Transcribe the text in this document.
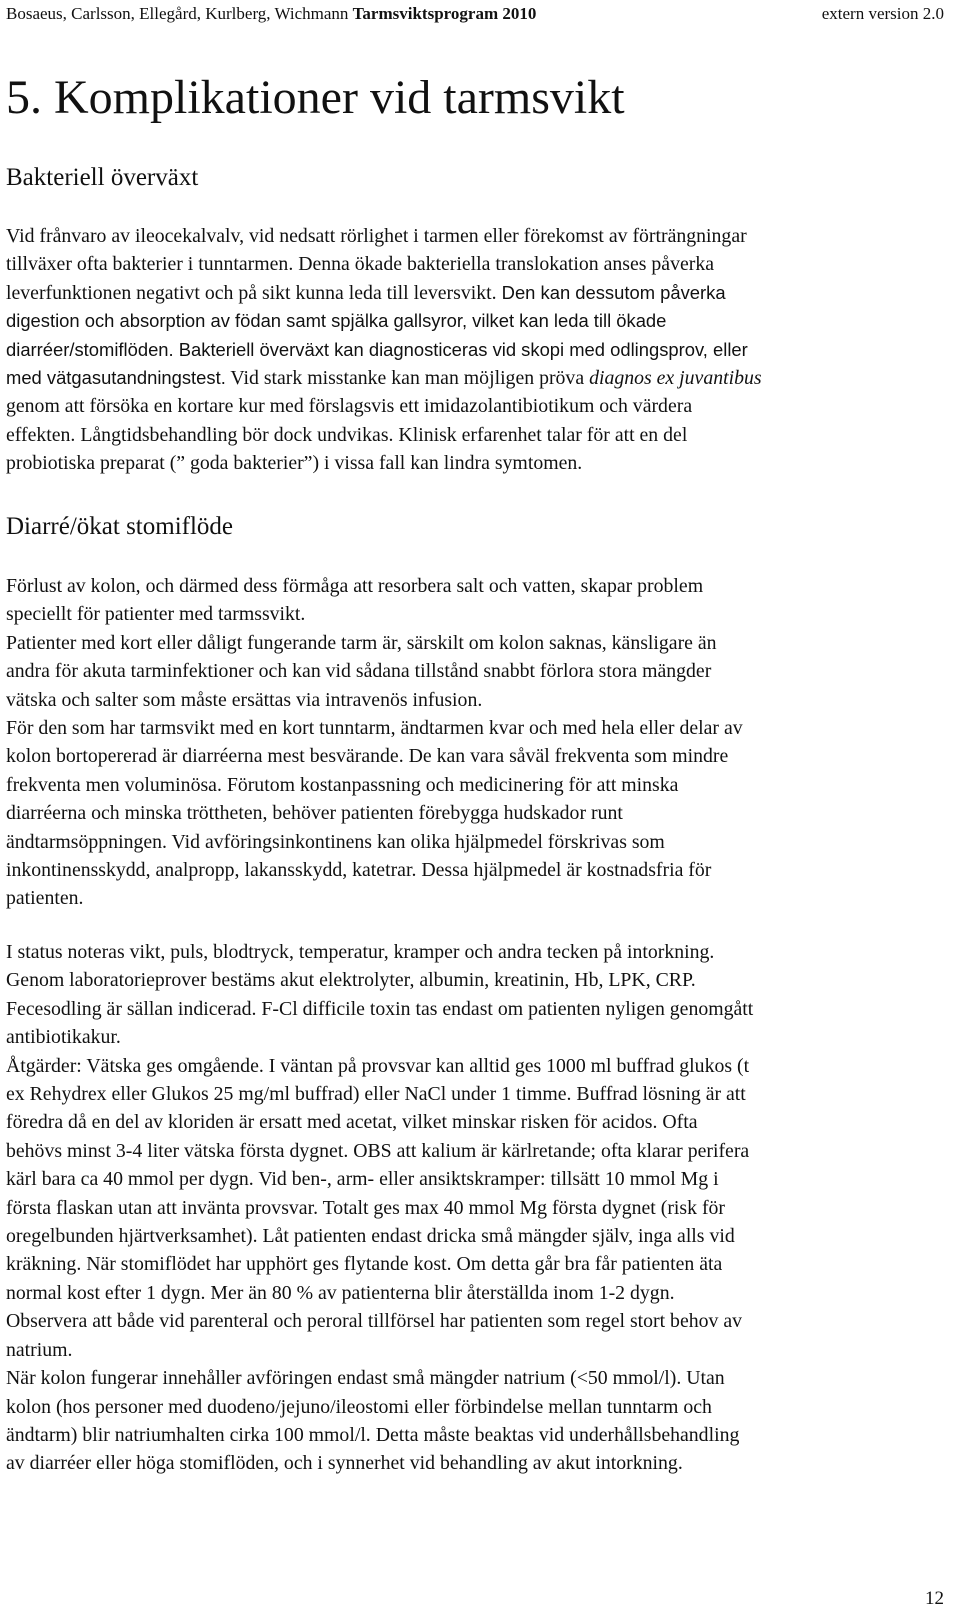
Bosaeus, Carlsson, Ellegård, Kurlberg, Wichmann Tarmsviktsprogram 2010	extern version 2.0
5. Komplikationer vid tarmsvikt
Bakteriell överväxt
Vid frånvaro av ileocekalvalv, vid nedsatt rörlighet i tarmen eller förekomst av förträngningar
tillväxer ofta bakterier i tunntarmen. Denna ökade bakteriella translokation anses påverka
leverfunktionen negativt och på sikt kunna leda till leversvikt. Den kan dessutom påverka
digestion och absorption av födan samt spjälka gallsyror, vilket kan leda till ökade
diarréer/stomiflöden. Bakteriell överväxt kan diagnosticeras vid skopi med odlingsprov, eller
med vätgasutandningstest. Vid stark misstanke kan man möjligen pröva diagnos ex juvantibus
genom att försöka en kortare kur med förslagsvis ett imidazolantibiotikum och värdera
effekten. Långtidsbehandling bör dock undvikas. Klinisk erfarenhet talar för att en del
probiotiska preparat (” goda bakterier”) i vissa fall kan lindra symtomen.
Diarré/ökat stomiflöde
Förlust av kolon, och därmed dess förmåga att resorbera salt och vatten, skapar problem
speciellt för patienter med tarmssvikt.
Patienter med kort eller dåligt fungerande tarm är, särskilt om kolon saknas, känsligare än
andra för akuta tarminfektioner och kan vid sådana tillstånd snabbt förlora stora mängder
vätska och salter som måste ersättas via intravenös infusion.
För den som har tarmsvikt med en kort tunntarm, ändtarmen kvar och med hela eller delar av
kolon bortopererad är diarréerna mest besvärande. De kan vara såväl frekventa som mindre
frekventa men voluminösa. Förutom kostanpassning och medicinering för att minska
diarréerna och minska tröttheten, behöver patienten förebygga hudskador runt
ändtarmsöppningen. Vid avföringsinkontinens kan olika hjälpmedel förskrivas som
inkontinensskydd, analpropp, lakansskydd, katetrar. Dessa hjälpmedel är kostnadsfria för
patienten.
I status noteras vikt, puls, blodtryck, temperatur, kramper och andra tecken på intorkning.
Genom laboratorieprover bestäms akut elektrolyter, albumin, kreatinin, Hb, LPK, CRP.
Fecesodling är sällan indicerad. F-Cl difficile toxin tas endast om patienten nyligen genomgått
antibiotikakur.
Åtgärder: Vätska ges omgående. I väntan på provsvar kan alltid ges 1000 ml buffrad glukos (t
ex Rehydrex eller Glukos 25 mg/ml buffrad) eller NaCl under 1 timme. Buffrad lösning är att
föredra då en del av kloriden är ersatt med acetat, vilket minskar risken för acidos. Ofta
behövs minst 3-4 liter vätska första dygnet. OBS att kalium är kärlretande; ofta klarar perifera
kärl bara ca 40 mmol per dygn. Vid ben-, arm- eller ansiktskramper: tillsätt 10 mmol Mg i
första flaskan utan att invänta provsvar. Totalt ges max 40 mmol Mg första dygnet (risk för
oregelbunden hjärtverksamhet). Låt patienten endast dricka små mängder själv, inga alls vid
kräkning. När stomiflödet har upphört ges flytande kost. Om detta går bra får patienten äta
normal kost efter 1 dygn. Mer än 80 % av patienterna blir återställda inom 1-2 dygn.
Observera att både vid parenteral och peroral tillförsel har patienten som regel stort behov av
natrium.
När kolon fungerar innehåller avföringen endast små mängder natrium (<50 mmol/l). Utan
kolon (hos personer med duodeno/jejuno/ileostomi eller förbindelse mellan tunntarm och
ändtarm) blir natriumhalten cirka 100 mmol/l. Detta måste beaktas vid underhållsbehandling
av diarréer eller höga stomiflöden, och i synnerhet vid behandling av akut intorkning.
12
